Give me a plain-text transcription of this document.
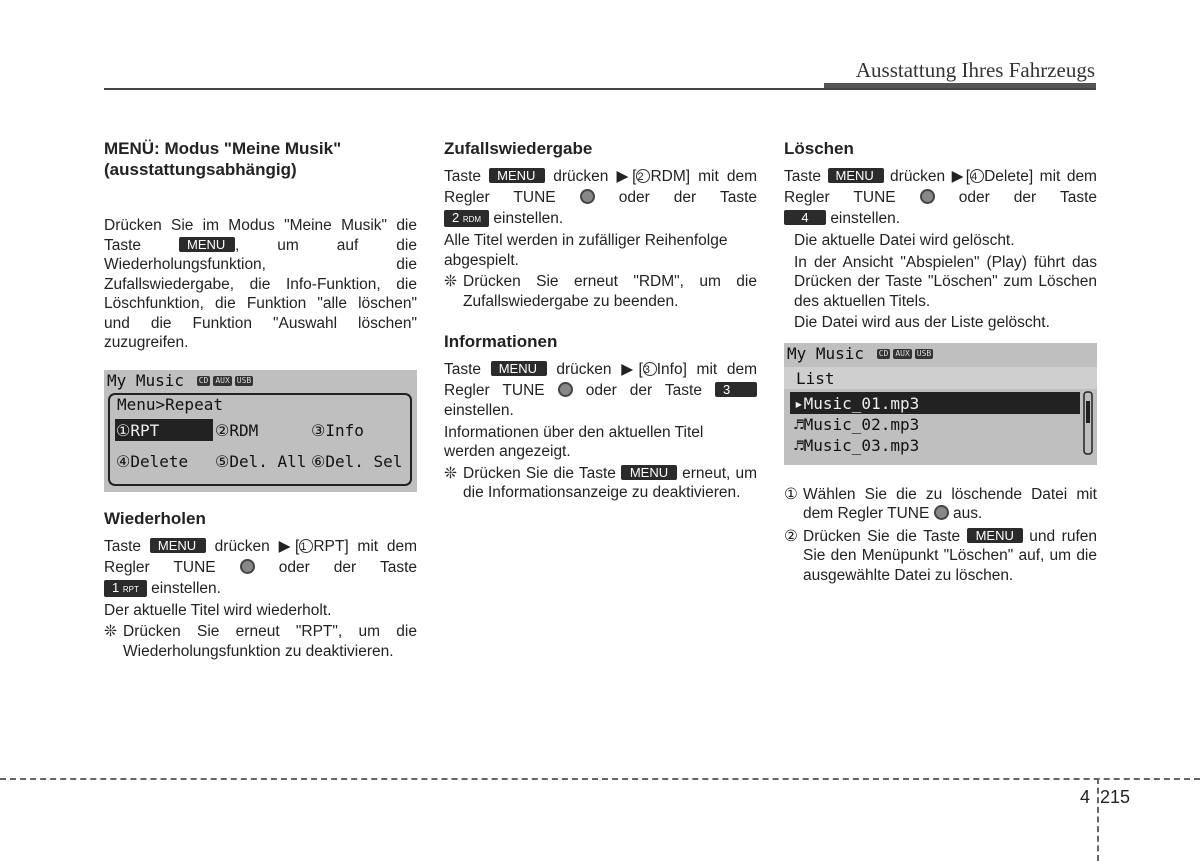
Ausstattung Ihres Fahrzeugs
MENÜ: Modus "Meine Musik" (ausstattungsabhängig)

Drücken Sie im Modus "Meine Musik" die Taste	MENU , um auf die Wiederholungsfunktion, die Zufallswiedergabe, die Info-Funktion, die Löschfunktion, die Funktion "alle löschen" und die Funktion "Auswahl löschen" zuzugreifen.

My Music CD AUX USB
Menu>Repeat
①RPT	②RDM	③Info
④Delete ⑤Del. All ⑥Del. Sel
Wiederholen

Taste MENU drücken ▶[1 RPT] mit dem Regler TUNE	oder der Taste

1 RPT einstellen.

Der aktuelle Titel wird wiederholt.

❊ Drücken Sie erneut "RPT", um die Wiederholungsfunktion zu deaktivieren.

Zufallswiedergabe

Taste MENU drücken ▶[2 RDM] mit dem Regler TUNE	oder der Taste

2 RDM einstellen.

Alle Titel werden in zufälliger Reihenfolge abgespielt.

❊ Drücken Sie erneut "RDM", um die Zufallswiedergabe zu beenden.

Informationen

Taste MENU drücken ▶[3 Info] mit dem Regler TUNE	oder der Taste 3

einstellen.

Informationen über den aktuellen Titel werden angezeigt.

❊ Drücken Sie die Taste MENU erneut, um die Informationsanzeige zu deaktivieren.

Löschen

Taste MENU drücken ▶[4 Delete] mit dem Regler TUNE	oder der Taste

4 einstellen.

Die aktuelle Datei wird gelöscht.

In der Ansicht "Abspielen" (Play) führt das Drücken der Taste "Löschen" zum Löschen des aktuellen Titels.

Die Datei wird aus der Liste gelöscht.

My Music CD AUX USB
List
▸Music_01.mp3
♬Music_02.mp3
♬Music_03.mp3

① Wählen Sie die zu löschende Datei mit dem Regler TUNE aus.

② Drücken Sie die Taste MENU und rufen Sie den Menüpunkt "Löschen" auf, um die ausgewählte Datei zu löschen.

4 215
